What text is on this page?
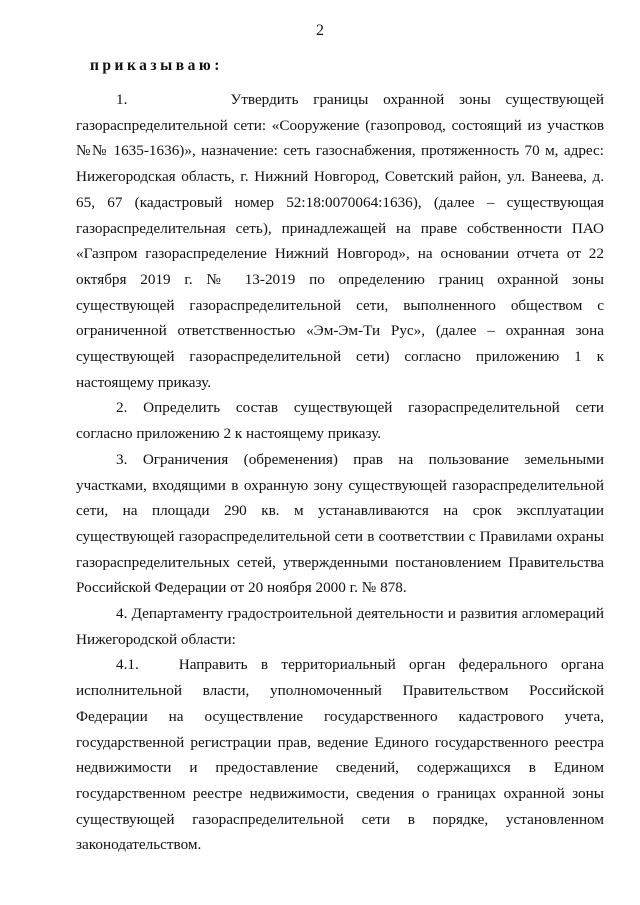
2

приказываю:

1.       Утвердить границы охранной зоны существующей газораспределительной сети: «Сооружение (газопровод, состоящий из участков №№ 1635-1636)», назначение: сеть газоснабжения, протяженность 70 м, адрес: Нижегородская область, г. Нижний Новгород, Советский район, ул. Ванеева, д. 65, 67 (кадастровый номер 52:18:0070064:1636), (далее – существующая газораспределительная сеть), принадлежащей на праве собственности ПАО «Газпром газораспределение Нижний Новгород», на основании отчета от 22 октября 2019 г. № 13-2019 по определению границ охранной зоны существующей газораспределительной сети, выполненного обществом с ограниченной ответственностью «Эм-Эм-Ти Рус», (далее – охранная зона существующей газораспределительной сети) согласно приложению 1 к настоящему приказу.

2. Определить состав существующей газораспределительной сети согласно приложению 2 к настоящему приказу.

3. Ограничения (обременения) прав на пользование земельными участками, входящими в охранную зону существующей газораспределительной сети, на площади 290 кв. м устанавливаются на срок эксплуатации существующей газораспределительной сети в соответствии с Правилами охраны газораспределительных сетей, утвержденными постановлением Правительства Российской Федерации от 20 ноября 2000 г. № 878.

4. Департаменту градостроительной деятельности и развития агломераций Нижегородской области:

4.1.   Направить в территориальный орган федерального органа исполнительной власти, уполномоченный Правительством Российской Федерации на осуществление государственного кадастрового учета, государственной регистрации прав, ведение Единого государственного реестра недвижимости и предоставление сведений, содержащихся в Едином государственном реестре недвижимости, сведения о границах охранной зоны существующей газораспределительной сети в порядке, установленном законодательством.
